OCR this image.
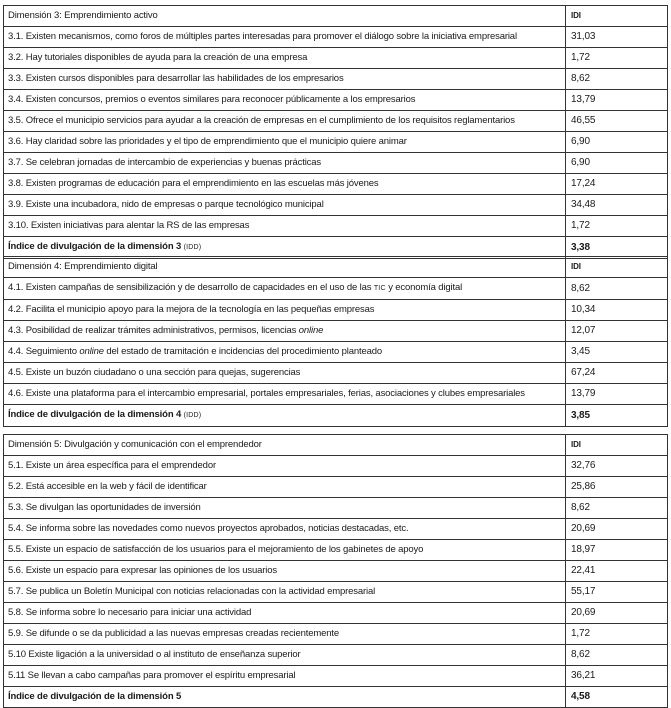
Dimensión 3: Emprendimiento activo	IDI
3.1. Existen mecanismos, como foros de múltiples partes interesadas para promover el diálogo sobre la iniciativa empresarial	31,03
3.2. Hay tutoriales disponibles de ayuda para la creación de una empresa	1,72
3.3. Existen cursos disponibles para desarrollar las habilidades de los empresarios	8,62
3.4. Existen concursos, premios o eventos similares para reconocer públicamente a los empresarios	13,79
3.5. Ofrece el municipio servicios para ayudar a la creación de empresas en el cumplimiento de los requisitos reglamentarios	46,55
3.6. Hay claridad sobre las prioridades y el tipo de emprendimiento que el municipio quiere animar	6,90
3.7. Se celebran jornadas de intercambio de experiencias y buenas prácticas	6,90
3.8. Existen programas de educación para el emprendimiento en las escuelas más jóvenes	17,24
3.9. Existe una incubadora, nido de empresas o parque tecnológico municipal	34,48
3.10. Existen iniciativas para alentar la RS de las empresas	1,72
Índice de divulgación de la dimensión 3 (IDD)	3,38
Dimensión 4: Emprendimiento digital	IDI
4.1. Existen campañas de sensibilización y de desarrollo de capacidades en el uso de las TIC y economía digital	8,62
4.2. Facilita el municipio apoyo para la mejora de la tecnología en las pequeñas empresas	10,34
4.3. Posibilidad de realizar trámites administrativos, permisos, licencias online	12,07
4.4. Seguimiento online del estado de tramitación e incidencias del procedimiento planteado	3,45
4.5. Existe un buzón ciudadano o una sección para quejas, sugerencias	67,24
4.6. Existe una plataforma para el intercambio empresarial, portales empresariales, ferias, asociaciones y clubes empresariales	13,79
Índice de divulgación de la dimensión 4 (IDD)	3,85
Dimensión 5: Divulgación y comunicación con el emprendedor	IDI
5.1. Existe un área específica para el emprendedor	32,76
5.2. Está accesible en la web y fácil de identificar	25,86
5.3. Se divulgan las oportunidades de inversión	8,62
5.4. Se informa sobre las novedades como nuevos proyectos aprobados, noticias destacadas, etc.	20,69
5.5. Existe un espacio de satisfacción de los usuarios para el mejoramiento de los gabinetes de apoyo	18,97
5.6. Existe un espacio para expresar las opiniones de los usuarios	22,41
5.7. Se publica un Boletín Municipal con noticias relacionadas con la actividad empresarial	55,17
5.8. Se informa sobre lo necesario para iniciar una actividad	20,69
5.9. Se difunde o se da publicidad a las nuevas empresas creadas recientemente	1,72
5.10 Existe ligación a la universidad o al instituto de enseñanza superior	8,62
5.11 Se llevan a cabo campañas para promover el espíritu empresarial	36,21
Índice de divulgación de la dimensión 5	4,58
